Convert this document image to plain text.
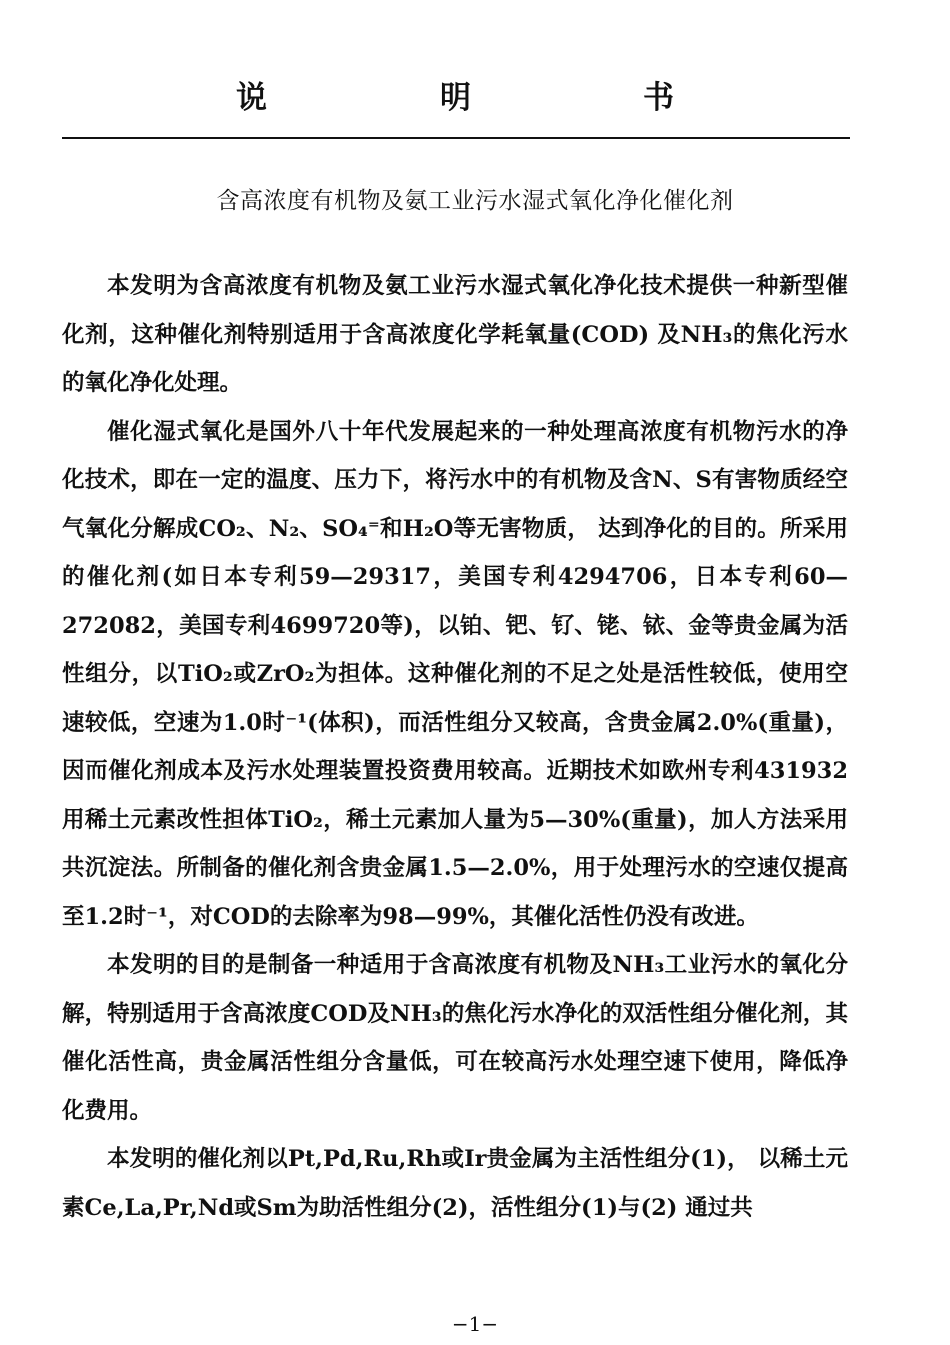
说	明	书
含高浓度有机物及氨工业污水湿式氧化净化催化剂

本发明为含高浓度有机物及氨工业污水湿式氧化净化技术提供一种新型催化剂，这种催化剂特别适用于含高浓度化学耗氧量(COD) 及NH₃的焦化污水的氧化净化处理。

催化湿式氧化是国外八十年代发展起来的一种处理高浓度有机物污水的净化技术，即在一定的温度、压力下，将污水中的有机物及含N、S有害物质经空气氧化分解成CO₂、N₂、SO₄⁼和H₂O等无害物质， 达到净化的目的。所采用的催化剂(如日本专利59—29317，美国专利4294706，日本专利60—272082，美国专利4699720等)，以铂、钯、钌、铑、铱、金等贵金属为活性组分，以TiO₂或ZrO₂为担体。这种催化剂的不足之处是活性较低，使用空速较低，空速为1.0时⁻¹(体积)，而活性组分又较高，含贵金属2.0%(重量)， 因而催化剂成本及污水处理装置投资费用较高。近期技术如欧州专利431932用稀土元素改性担体TiO₂，稀土元素加人量为5—30%(重量)，加人方法采用共沉淀法。所制备的催化剂含贵金属1.5—2.0%，用于处理污水的空速仅提高至1.2时⁻¹，对COD的去除率为98—99%，其催化活性仍没有改进。

本发明的目的是制备一种适用于含高浓度有机物及NH₃工业污水的氧化分解，特别适用于含高浓度COD及NH₃的焦化污水净化的双活性组分催化剂，其催化活性高，贵金属活性组分含量低，可在较高污水处理空速下使用，降低净化费用。

本发明的催化剂以Pt,Pd,Ru,Rh或Ir贵金属为主活性组分(1)， 以稀土元素Ce,La,Pr,Nd或Sm为助活性组分(2)，活性组分(1)与(2) 通过共

−1−
